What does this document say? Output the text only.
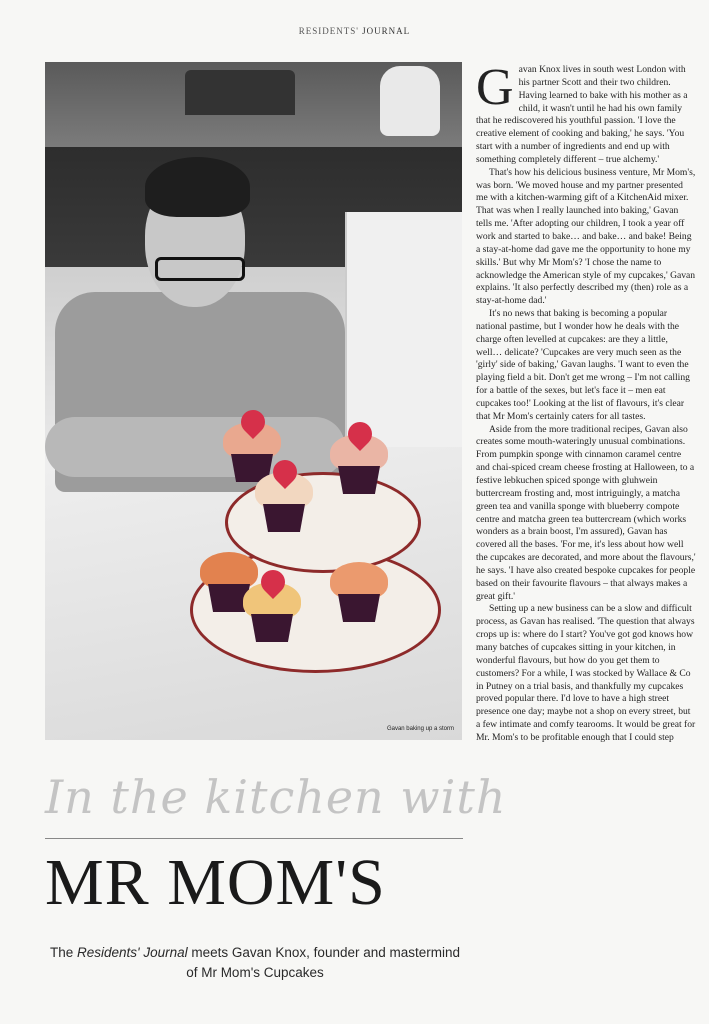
RESIDENTS' JOURNAL
Gavan baking up a storm
In the kitchen with
MR MOM'S
The Residents' Journal meets Gavan Knox, founder and mastermind of Mr Mom's Cupcakes

Gavan Knox lives in south west London with his partner Scott and their two children. Having learned to bake with his mother as a child, it wasn't until he had his own family that he rediscovered his youthful passion. 'I love the creative element of cooking and baking,' he says. 'You start with a number of ingredients and end up with something completely different – true alchemy.'

That's how his delicious business venture, Mr Mom's, was born. 'We moved house and my partner presented me with a kitchen-warming gift of a KitchenAid mixer. That was when I really launched into baking,' Gavan tells me. 'After adopting our children, I took a year off work and started to bake… and bake… and bake! Being a stay-at-home dad gave me the opportunity to hone my skills.' But why Mr Mom's? 'I chose the name to acknowledge the American style of my cupcakes,' Gavan explains. 'It also perfectly described my (then) role as a stay-at-home dad.'

It's no news that baking is becoming a popular national pastime, but I wonder how he deals with the charge often levelled at cupcakes: are they a little, well… delicate? 'Cupcakes are very much seen as the 'girly' side of baking,' Gavan laughs. 'I want to even the playing field a bit. Don't get me wrong – I'm not calling for a battle of the sexes, but let's face it – men eat cupcakes too!' Looking at the list of flavours, it's clear that Mr Mom's certainly caters for all tastes.

Aside from the more traditional recipes, Gavan also creates some mouth-wateringly unusual combinations. From pumpkin sponge with cinnamon caramel centre and chai-spiced cream cheese frosting at Halloween, to a festive lebkuchen spiced sponge with gluhwein buttercream frosting and, most intriguingly, a matcha green tea and vanilla sponge with blueberry compote centre and matcha green tea buttercream (which works wonders as a brain boost, I'm assured), Gavan has covered all the bases. 'For me, it's less about how well the cupcakes are decorated, and more about the flavours,' he says. 'I have also created bespoke cupcakes for people based on their favourite flavours – that always makes a great gift.'

Setting up a new business can be a slow and difficult process, as Gavan has realised. 'The question that always crops up is: where do I start? You've got god knows how many batches of cupcakes sitting in your kitchen, in wonderful flavours, but how do you get them to customers? For a while, I was stocked by Wallace & Co in Putney on a trial basis, and thankfully my cupcakes proved popular there. I'd love to have a high street presence one day; maybe not a shop on every street, but a few intimate and comfy tearooms. It would be great for Mr. Mom's to be profitable enough that I could step
